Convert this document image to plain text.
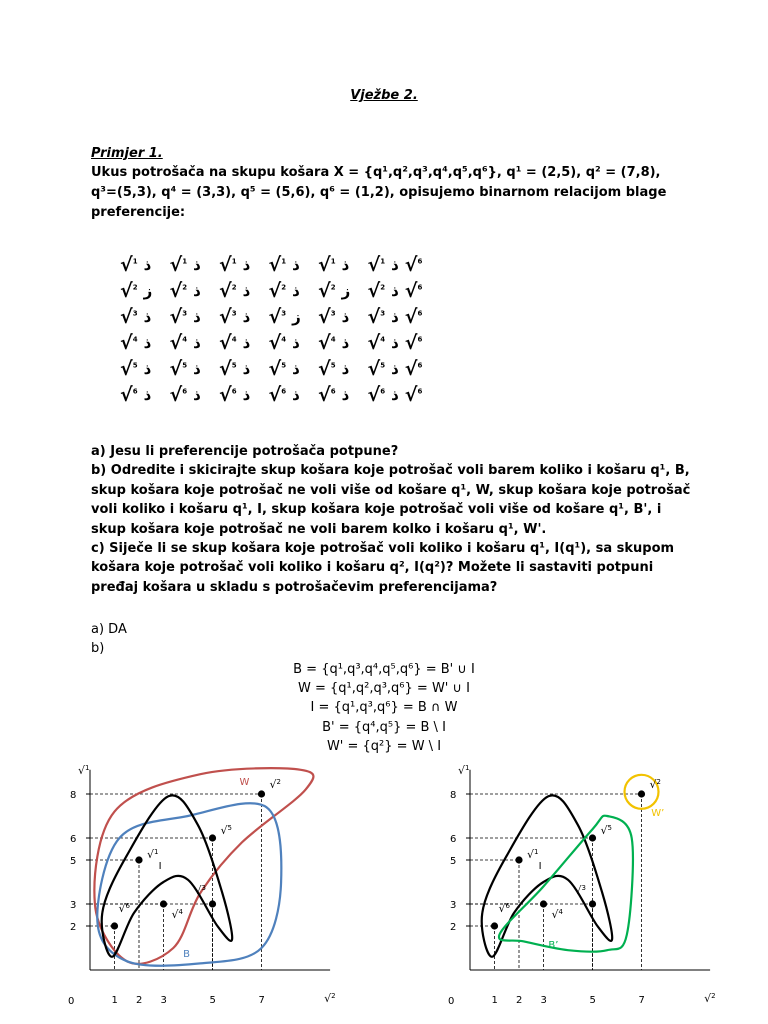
Vježbe 2.
Primjer 1.
Ukus potrošača na skupu košara X = {q¹,q²,q³,q⁴,q⁵,q⁶}, q¹ = (2,5), q² = (7,8),
q³=(5,3), q⁴ = (3,3), q⁵ = (5,6), q⁶ = (1,2), opisujemo binarnom relacijom blage
preferencije:
√$^1$ ذ √$^1$ ذ √$^1$ ذ √$^1$ ذ √$^1$ ذ √$^1$ ذ √$^6$
√$^2$ ز √$^2$ ذ √$^2$ ذ √$^2$ ذ √$^2$ ز √$^2$ ذ √$^6$
√$^3$ ذ √$^3$ ذ √$^3$ ذ √$^3$ ز √$^3$ ذ √$^3$ ذ √$^6$
√$^4$ ذ √$^4$ ذ √$^4$ ذ √$^4$ ذ √$^4$ ذ √$^4$ ذ √$^6$
√$^5$ ذ √$^5$ ذ √$^5$ ذ √$^5$ ذ √$^5$ ذ √$^5$ ذ √$^6$
√$^6$ ذ √$^6$ ذ √$^6$ ذ √$^6$ ذ √$^6$ ذ √$^6$ ذ √$^6$
a) Jesu li preferencije potrošača potpune?
b) Odredite i skicirajte skup košara koje potrošač voli barem koliko i košaru q¹, B,
skup košara koje potrošač ne voli više od košare q¹, W, skup košara koje potrošač
voli koliko i košaru q¹, I, skup košara koje potrošač voli više od košare q¹, B', i
skup košara koje potrošač ne voli barem kolko i košaru q¹, W'.
c) Siječe li se skup košara koje potrošač voli koliko i košaru q¹, I(q¹), sa skupom
košara koje potrošač voli koliko i košaru q², I(q²)? Možete li sastaviti potpuni
pređaj košara u skladu s potrošačevim preferencijama?
a) DA
b)
B = {q¹,q³,q⁴,q⁵,q⁶} = B' ∪ I
W = {q¹,q²,q³,q⁶} = W' ∪ I
I = {q¹,q³,q⁶} = B ∩ W
B' = {q⁴,q⁵} = B \ I
W' = {q²} = W \ I
√$^1$
√$^2$
0	1 2 3	5	7
2
3
5
6
8
W
I
B
√$^1$
√$^2$
√$^3$
√$^4$
√$^5$
√$^6$
√$^1$
√$^2$
0	1 2 3	5	7
2
3
5
6
8
W’
I
B’
√$^1$
√$^2$
√$^3$
√$^4$
√$^5$
√$^6$
